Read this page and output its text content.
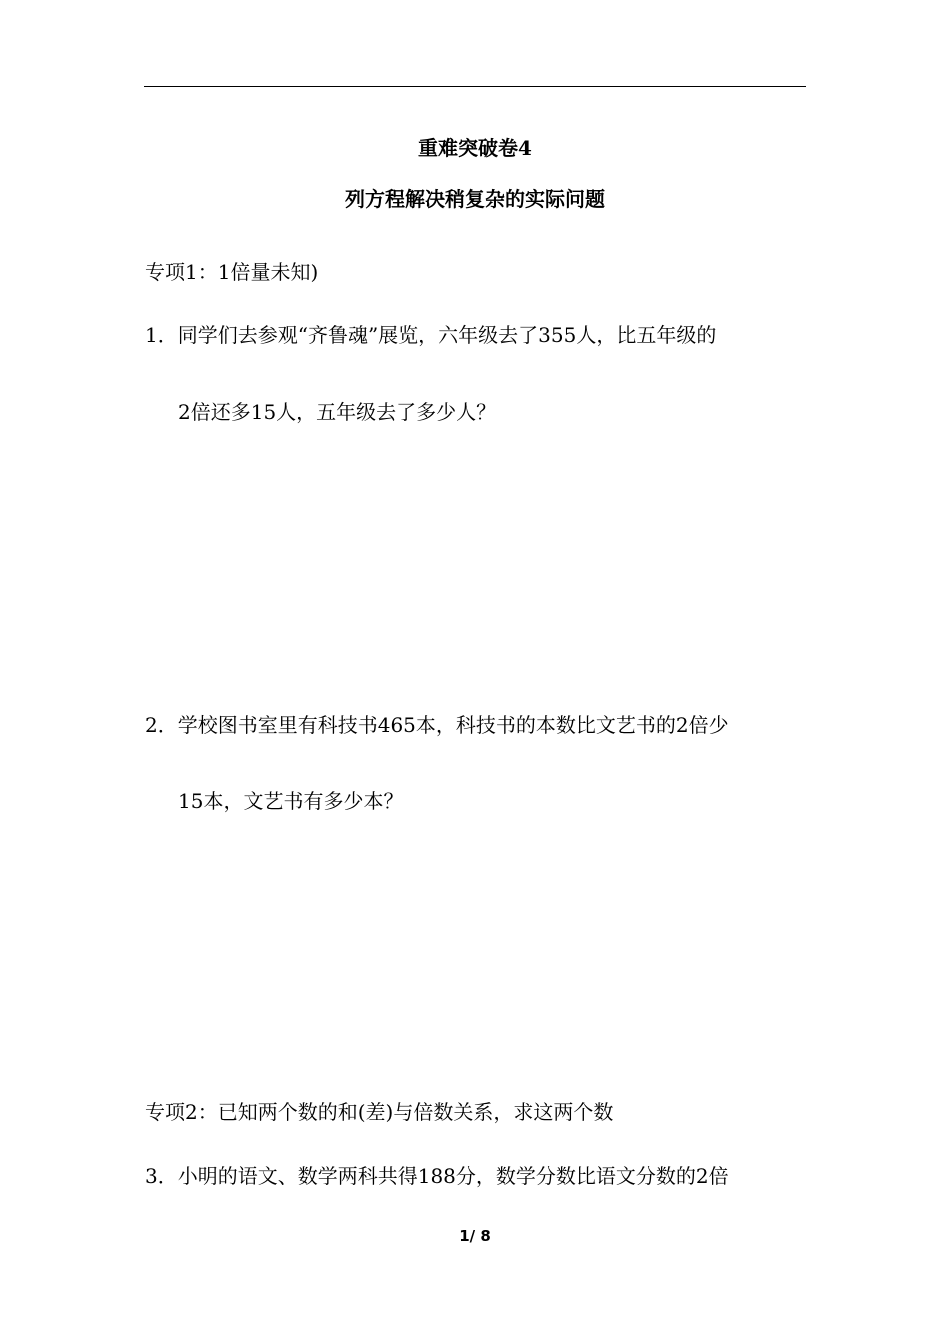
重难突破卷4
列方程解决稍复杂的实际问题
专项1：1倍量未知)
1．同学们去参观“齐鲁魂”展览，六年级去了355人，比五年级的
2倍还多15人，五年级去了多少人？
2．学校图书室里有科技书465本，科技书的本数比文艺书的2倍少
15本，文艺书有多少本？
专项2：已知两个数的和(差)与倍数关系，求这两个数
3．小明的语文、数学两科共得188分，数学分数比语文分数的2倍
1/ 8
